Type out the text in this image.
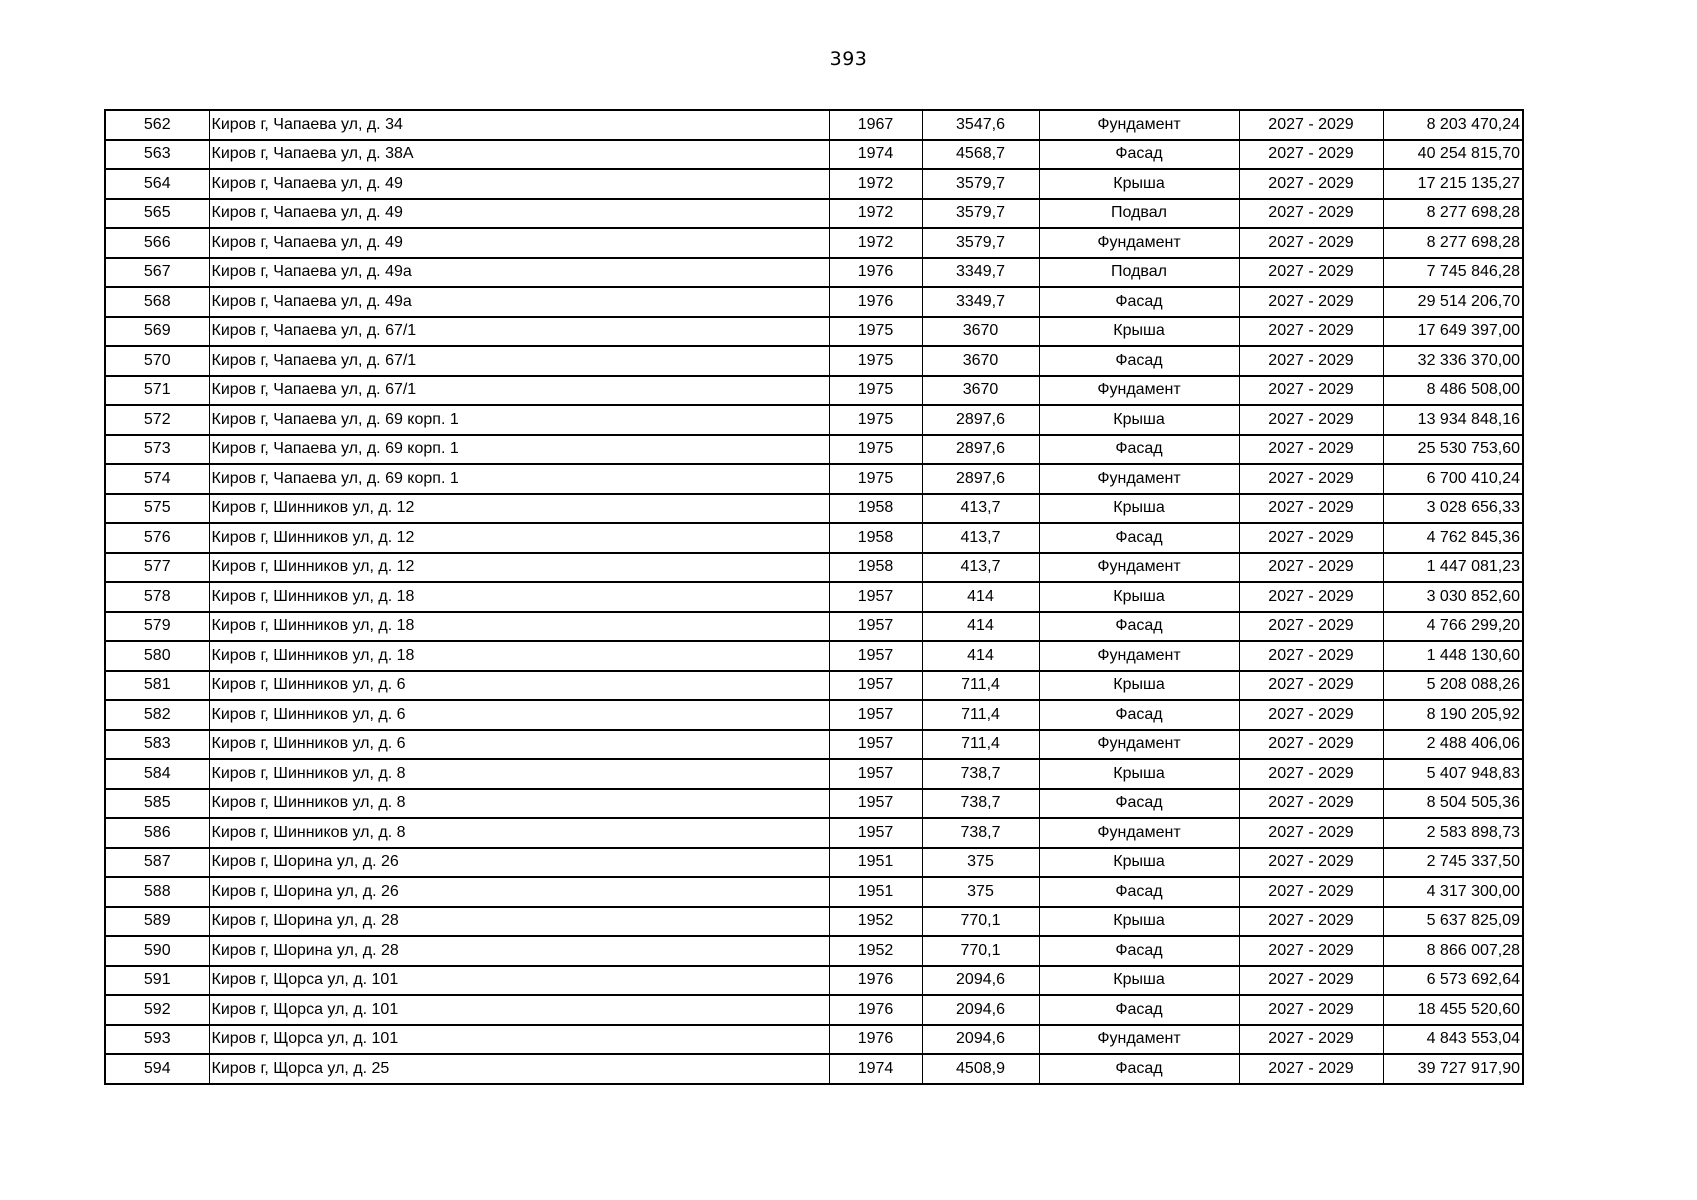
393
562	Киров г, Чапаева ул, д. 34	1967	3547,6	Фундамент	2027 - 2029	8 203 470,24
563	Киров г, Чапаева ул, д. 38А	1974	4568,7	Фасад	2027 - 2029	40 254 815,70
564	Киров г, Чапаева ул, д. 49	1972	3579,7	Крыша	2027 - 2029	17 215 135,27
565	Киров г, Чапаева ул, д. 49	1972	3579,7	Подвал	2027 - 2029	8 277 698,28
566	Киров г, Чапаева ул, д. 49	1972	3579,7	Фундамент	2027 - 2029	8 277 698,28
567	Киров г, Чапаева ул, д. 49а	1976	3349,7	Подвал	2027 - 2029	7 745 846,28
568	Киров г, Чапаева ул, д. 49а	1976	3349,7	Фасад	2027 - 2029	29 514 206,70
569	Киров г, Чапаева ул, д. 67/1	1975	3670	Крыша	2027 - 2029	17 649 397,00
570	Киров г, Чапаева ул, д. 67/1	1975	3670	Фасад	2027 - 2029	32 336 370,00
571	Киров г, Чапаева ул, д. 67/1	1975	3670	Фундамент	2027 - 2029	8 486 508,00
572	Киров г, Чапаева ул, д. 69 корп. 1	1975	2897,6	Крыша	2027 - 2029	13 934 848,16
573	Киров г, Чапаева ул, д. 69 корп. 1	1975	2897,6	Фасад	2027 - 2029	25 530 753,60
574	Киров г, Чапаева ул, д. 69 корп. 1	1975	2897,6	Фундамент	2027 - 2029	6 700 410,24
575	Киров г, Шинников ул, д. 12	1958	413,7	Крыша	2027 - 2029	3 028 656,33
576	Киров г, Шинников ул, д. 12	1958	413,7	Фасад	2027 - 2029	4 762 845,36
577	Киров г, Шинников ул, д. 12	1958	413,7	Фундамент	2027 - 2029	1 447 081,23
578	Киров г, Шинников ул, д. 18	1957	414	Крыша	2027 - 2029	3 030 852,60
579	Киров г, Шинников ул, д. 18	1957	414	Фасад	2027 - 2029	4 766 299,20
580	Киров г, Шинников ул, д. 18	1957	414	Фундамент	2027 - 2029	1 448 130,60
581	Киров г, Шинников ул, д. 6	1957	711,4	Крыша	2027 - 2029	5 208 088,26
582	Киров г, Шинников ул, д. 6	1957	711,4	Фасад	2027 - 2029	8 190 205,92
583	Киров г, Шинников ул, д. 6	1957	711,4	Фундамент	2027 - 2029	2 488 406,06
584	Киров г, Шинников ул, д. 8	1957	738,7	Крыша	2027 - 2029	5 407 948,83
585	Киров г, Шинников ул, д. 8	1957	738,7	Фасад	2027 - 2029	8 504 505,36
586	Киров г, Шинников ул, д. 8	1957	738,7	Фундамент	2027 - 2029	2 583 898,73
587	Киров г, Шорина ул, д. 26	1951	375	Крыша	2027 - 2029	2 745 337,50
588	Киров г, Шорина ул, д. 26	1951	375	Фасад	2027 - 2029	4 317 300,00
589	Киров г, Шорина ул, д. 28	1952	770,1	Крыша	2027 - 2029	5 637 825,09
590	Киров г, Шорина ул, д. 28	1952	770,1	Фасад	2027 - 2029	8 866 007,28
591	Киров г, Щорса ул, д. 101	1976	2094,6	Крыша	2027 - 2029	6 573 692,64
592	Киров г, Щорса ул, д. 101	1976	2094,6	Фасад	2027 - 2029	18 455 520,60
593	Киров г, Щорса ул, д. 101	1976	2094,6	Фундамент	2027 - 2029	4 843 553,04
594	Киров г, Щорса ул, д. 25	1974	4508,9	Фасад	2027 - 2029	39 727 917,90
